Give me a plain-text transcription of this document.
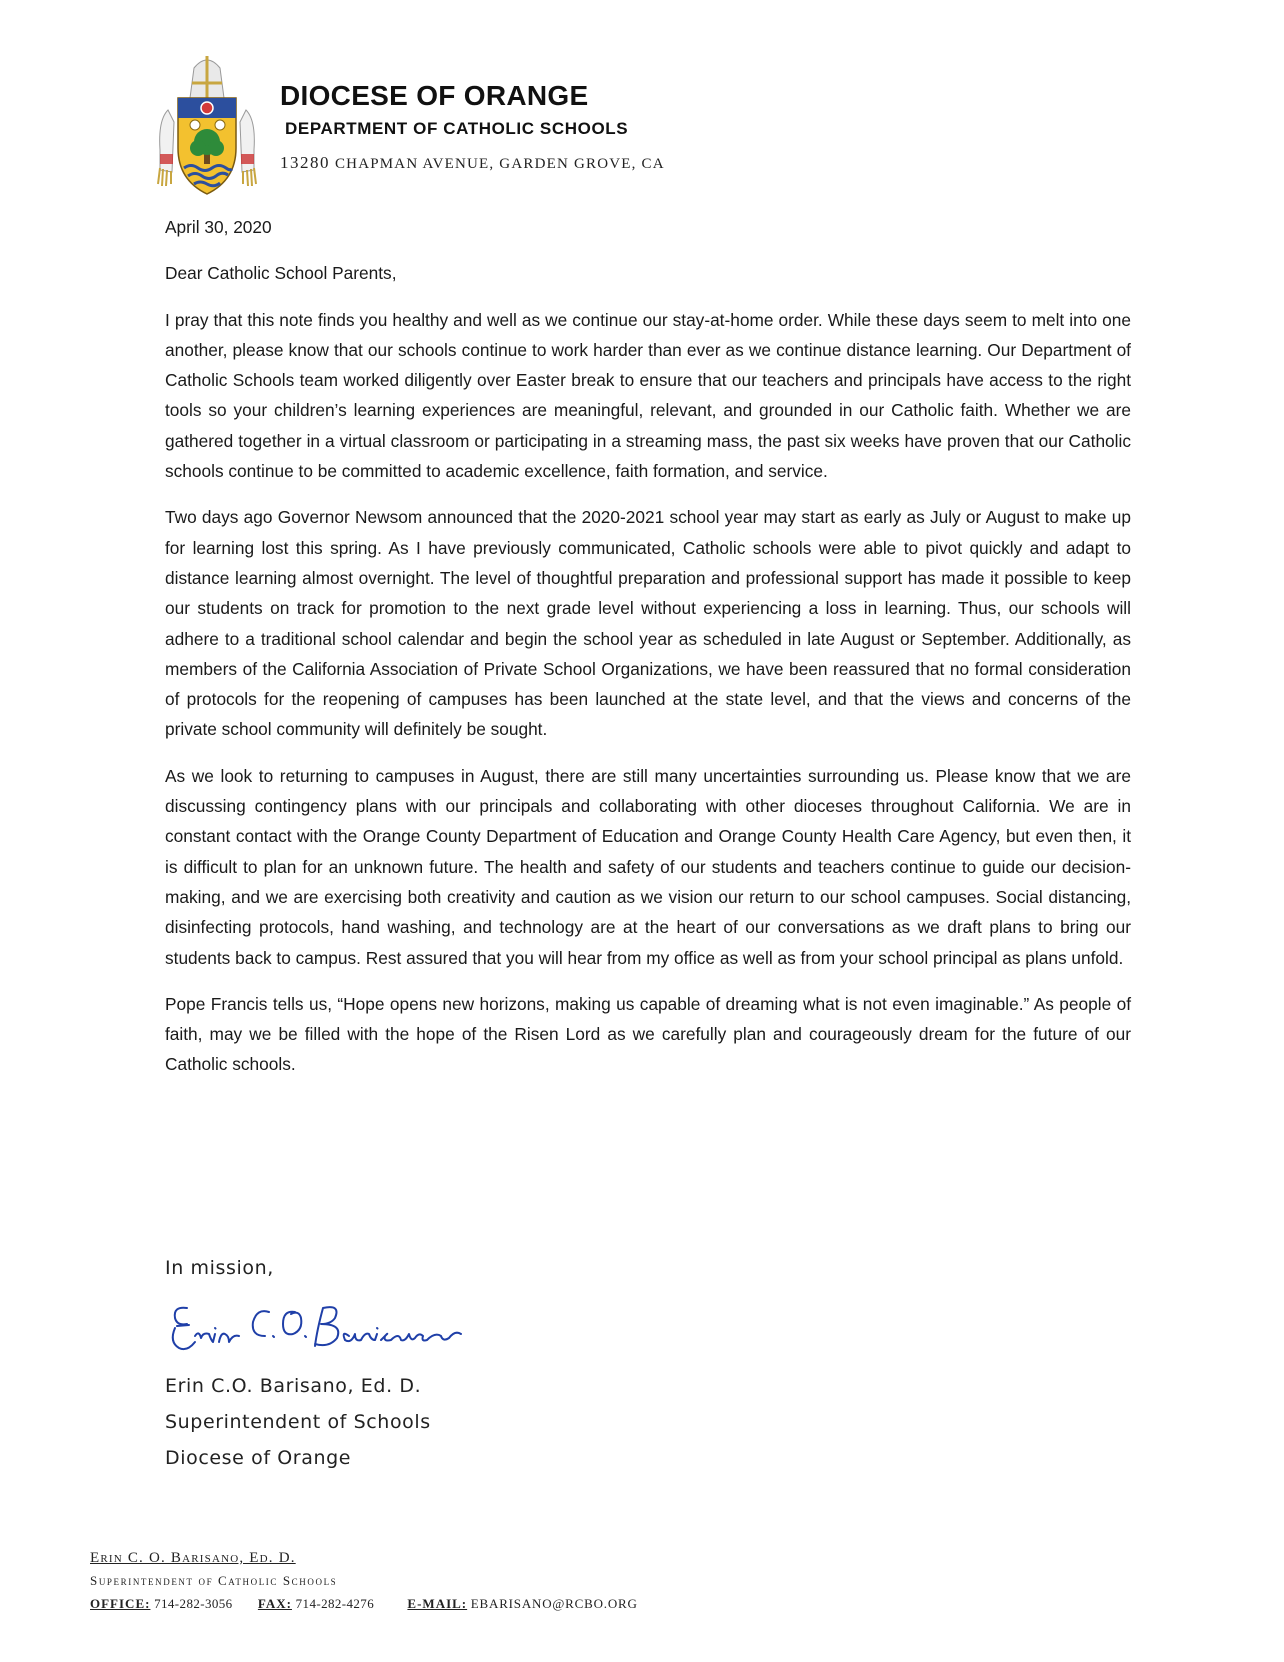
DIOCESE OF ORANGE
DEPARTMENT OF CATHOLIC SCHOOLS
13280 CHAPMAN AVENUE, GARDEN GROVE, CA

April 30, 2020

Dear Catholic School Parents,

I pray that this note finds you healthy and well as we continue our stay-at-home order. While these days seem to melt into one another, please know that our schools continue to work harder than ever as we continue distance learning. Our Department of Catholic Schools team worked diligently over Easter break to ensure that our teachers and principals have access to the right tools so your children’s learning experiences are meaningful, relevant, and grounded in our Catholic faith. Whether we are gathered together in a virtual classroom or participating in a streaming mass, the past six weeks have proven that our Catholic schools continue to be committed to academic excellence, faith formation, and service.

Two days ago Governor Newsom announced that the 2020-2021 school year may start as early as July or August to make up for learning lost this spring. As I have previously communicated, Catholic schools were able to pivot quickly and adapt to distance learning almost overnight. The level of thoughtful preparation and professional support has made it possible to keep our students on track for promotion to the next grade level without experiencing a loss in learning. Thus, our schools will adhere to a traditional school calendar and begin the school year as scheduled in late August or September. Additionally, as members of the California Association of Private School Organizations, we have been reassured that no formal consideration of protocols for the reopening of campuses has been launched at the state level, and that the views and concerns of the private school community will definitely be sought.

As we look to returning to campuses in August, there are still many uncertainties surrounding us. Please know that we are discussing contingency plans with our principals and collaborating with other dioceses throughout California. We are in constant contact with the Orange County Department of Education and Orange County Health Care Agency, but even then, it is difficult to plan for an unknown future. The health and safety of our students and teachers continue to guide our decision-making, and we are exercising both creativity and caution as we vision our return to our school campuses. Social distancing, disinfecting protocols, hand washing, and technology are at the heart of our conversations as we draft plans to bring our students back to campus. Rest assured that you will hear from my office as well as from your school principal as plans unfold.

Pope Francis tells us, “Hope opens new horizons, making us capable of dreaming what is not even imaginable.” As people of faith, may we be filled with the hope of the Risen Lord as we carefully plan and courageously dream for the future of our Catholic schools.

In mission,
Erin C.O. Barisano, Ed. D.
Superintendent of Schools
Diocese of Orange
Erin C. O. Barisano, Ed. D.
Superintendent of Catholic Schools
OFFICE: 714-282-3056 FAX: 714-282-4276	E-MAIL: EBARISANO@RCBO.ORG
